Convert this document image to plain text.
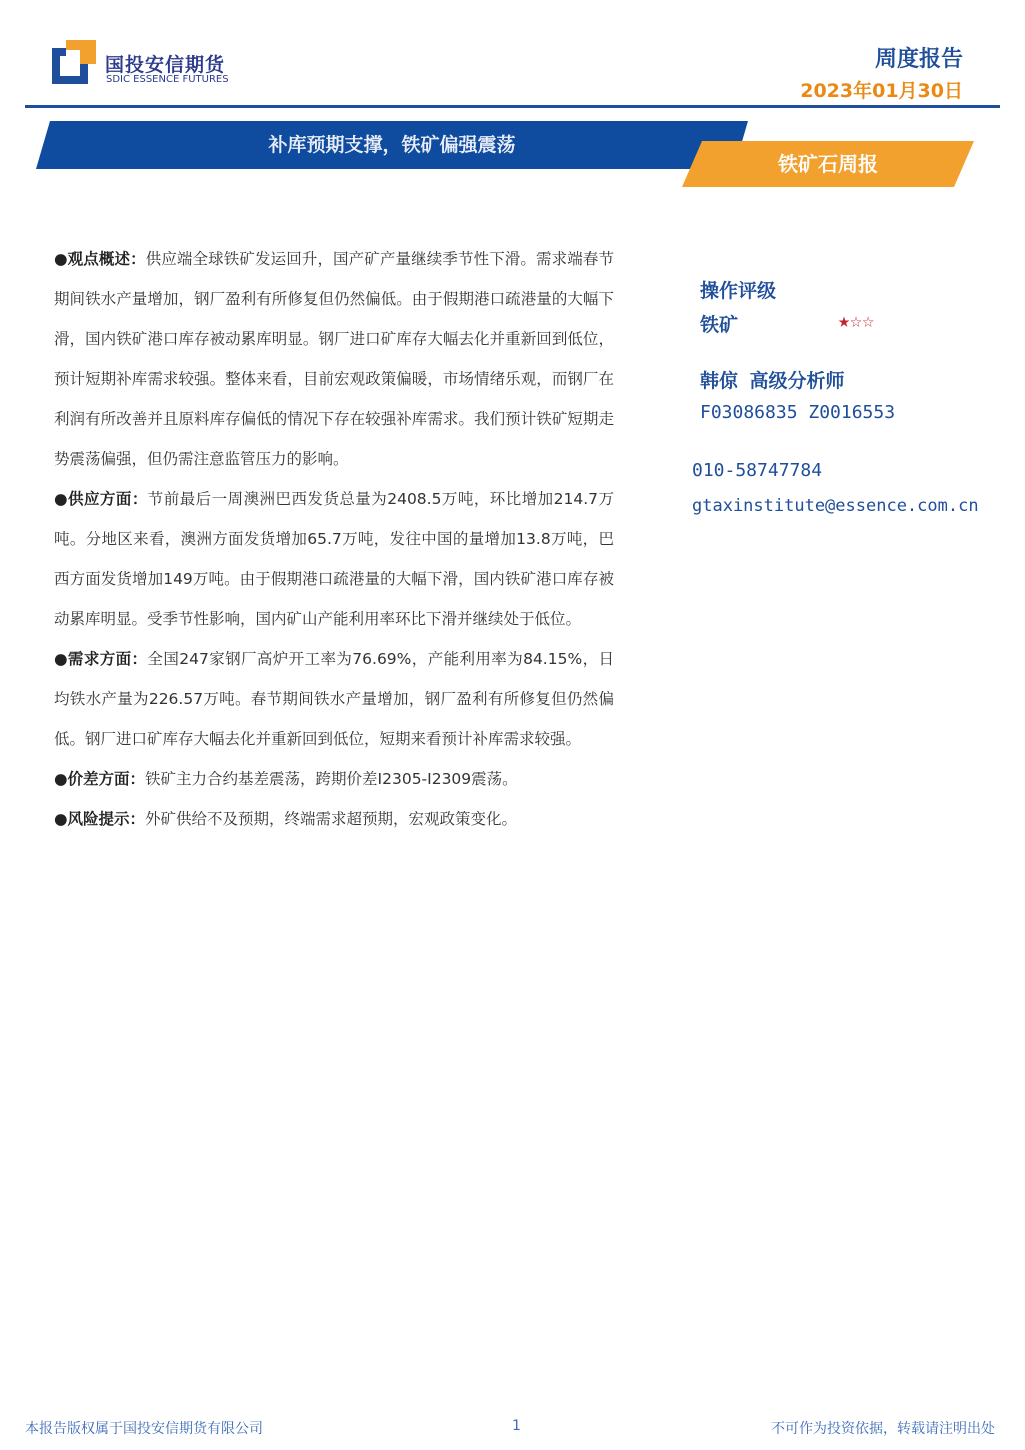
国投安信期货
SDIC ESSENCE FUTURES
周度报告
2023年01月30日
补库预期支撑，铁矿偏强震荡
铁矿石周报

●观点概述：供应端全球铁矿发运回升，国产矿产量继续季节性下滑。需求端春节期间铁水产量增加，钢厂盈利有所修复但仍然偏低。由于假期港口疏港量的大幅下滑，国内铁矿港口库存被动累库明显。钢厂进口矿库存大幅去化并重新回到低位，预计短期补库需求较强。整体来看，目前宏观政策偏暖，市场情绪乐观，而钢厂在利润有所改善并且原料库存偏低的情况下存在较强补库需求。我们预计铁矿短期走势震荡偏强，但仍需注意监管压力的影响。

●供应方面：节前最后一周澳洲巴西发货总量为2408.5万吨，环比增加214.7万吨。分地区来看，澳洲方面发货增加65.7万吨，发往中国的量增加13.8万吨，巴西方面发货增加149万吨。由于假期港口疏港量的大幅下滑，国内铁矿港口库存被动累库明显。受季节性影响，国内矿山产能利用率环比下滑并继续处于低位。

●需求方面：全国247家钢厂高炉开工率为76.69%，产能利用率为84.15%，日均铁水产量为226.57万吨。春节期间铁水产量增加，钢厂盈利有所修复但仍然偏低。钢厂进口矿库存大幅去化并重新回到低位，短期来看预计补库需求较强。

●价差方面：铁矿主力合约基差震荡，跨期价差I2305-I2309震荡。

●风险提示：外矿供给不及预期，终端需求超预期，宏观政策变化。

操作评级
铁矿	★☆☆
韩倞 高级分析师
F03086835 Z0016553
010-58747784
gtaxinstitute@essence.com.cn
本报告版权属于国投安信期货有限公司	1	不可作为投资依据，转载请注明出处
